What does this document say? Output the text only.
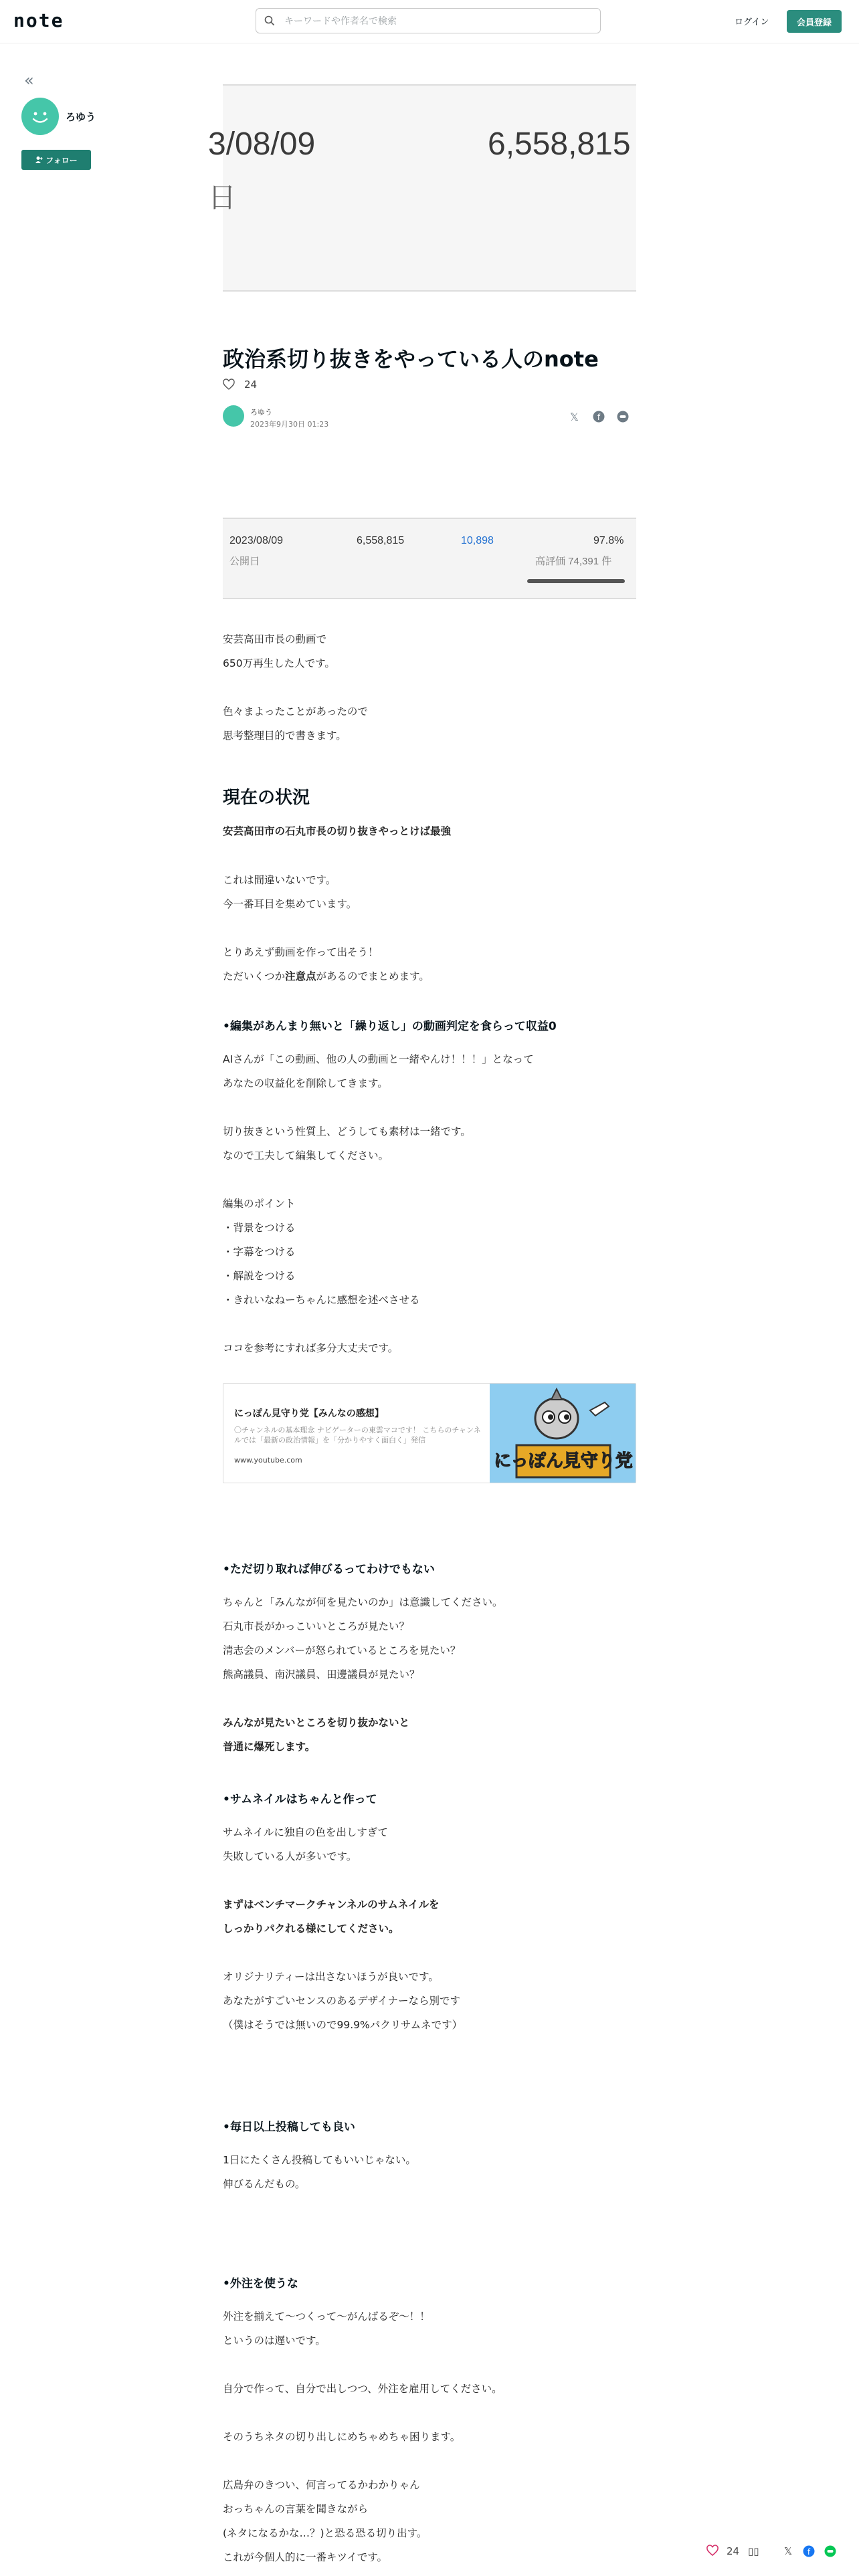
note
キーワードや作者名で検索	ログイン	会員登録
«
ろゆう
フォロー	3/08/09	6,558,815
日
政治系切り抜きをやっている人のnote
24
ろゆう
2023年9月30日 01:23
𝕏 f
2023/08/09
公開日
6,558,815	10,898	97.8%
高評価 74,391 件
安芸高田市長の動画で
650万再生した人です。
色々まよったことがあったので
思考整理目的で書きます。
現在の状況
安芸高田市の石丸市長の切り抜きやっとけば最強
これは間違いないです。
今一番耳目を集めています。
とりあえず動画を作って出そう！
ただいくつか注意点があるのでまとめます。
•編集があんまり無いと「繰り返し」の動画判定を食らって収益0
AIさんが「この動画、他の人の動画と一緒やんけ！！！」となって
あなたの収益化を削除してきます。
切り抜きという性質上、どうしても素材は一緒です。
なので工夫して編集してください。
編集のポイント
・背景をつける
・字幕をつける
・解説をつける
・きれいなねーちゃんに感想を述べさせる
ココを参考にすれば多分大丈夫です。
にっぽん見守り党【みんなの感想】
〇チャンネルの基本理念 ナビゲーターの東雲マコです！ こちらのチャンネルでは「最新の政治情報」を「分かりやすく面白く」発信
www.youtube.com	にっぽん見守り党
•ただ切り取れば伸びるってわけでもない
ちゃんと「みんなが何を見たいのか」は意識してください。
石丸市長がかっこいいところが見たい？
清志会のメンバーが怒られているところを見たい？
熊高議員、南沢議員、田邊議員が見たい？
みんなが見たいところを切り抜かないと
普通に爆死します。
•サムネイルはちゃんと作って
サムネイルに独自の色を出しすぎて
失敗している人が多いです。
まずはベンチマークチャンネルのサムネイルを
しっかりパクれる様にしてください。
オリジナリティーは出さないほうが良いです。
あなたがすごいセンスのあるデザイナーなら別です
（僕はそうでは無いので99.9%パクリサムネです）
•毎日以上投稿しても良い
1日にたくさん投稿してもいいじゃない。
伸びるんだもの。
•外注を使うな
外注を揃えて〜つくって〜がんばるぞ〜！！
というのは遅いです。
自分で作って、自分で出しつつ、外注を雇用してください。
そのうちネタの切り出しにめちゃめちゃ困ります。
広島弁のきつい、何言ってるかわかりゃん
おっちゃんの言葉を聞きながら
(ネタになるかな…？)と恐る恐る切り出す。
これが今個人的に一番キツイです。	24 ▯▯ 𝕏 f
